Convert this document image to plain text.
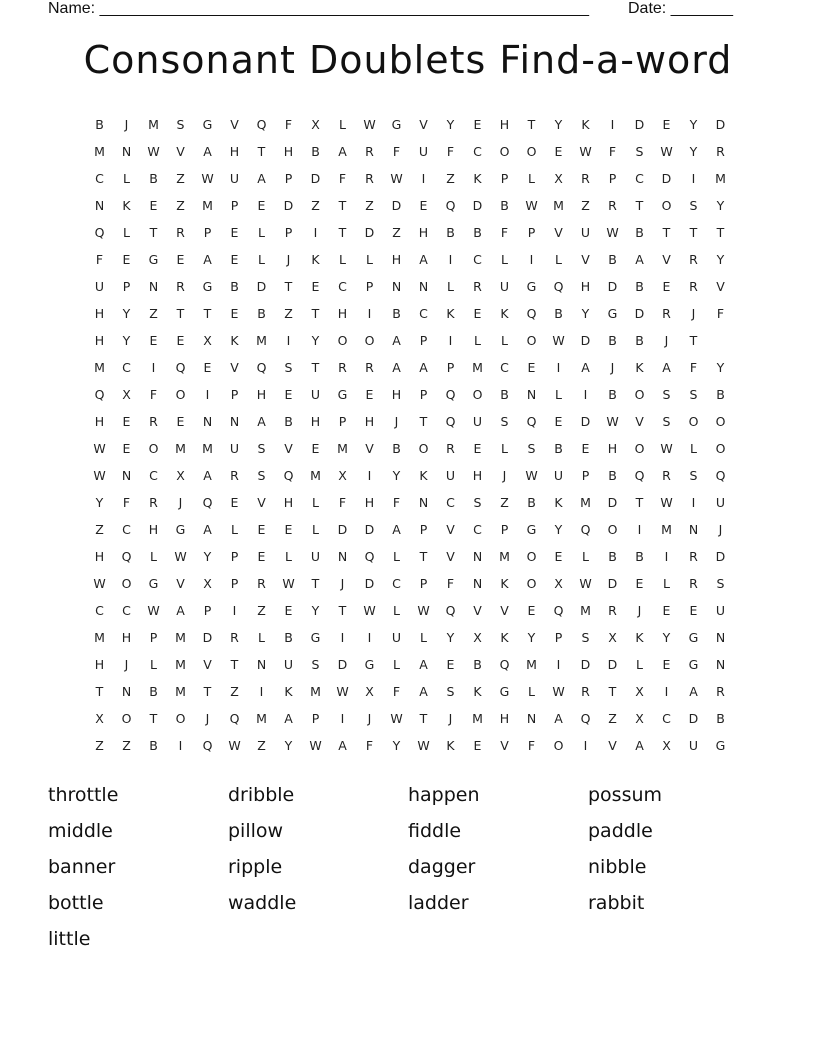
Name: _______________________________________________________ Date: _______
Consonant Doublets Find-a-word
B	J	M	S	G	V	Q	F	X	L	W	G	V	Y	E	H	T	Y	K	I	D	E	Y	D
M	N	W	V	A	H	T	H	B	A	R	F	U	F	C	O	O	E	W	F	S	W	Y	R
C	L	B	Z	W	U	A	P	D	F	R	W	I	Z	K	P	L	X	R	P	C	D	I	M
N	K	E	Z	M	P	E	D	Z	T	Z	D	E	Q	D	B	W	M	Z	R	T	O	S	Y
Q	L	T	R	P	E	L	P	I	T	D	Z	H	B	B	F	P	V	U	W	B	T	T	T
F	E	G	E	A	E	L	J	K	L	L	H	A	I	C	L	I	L	V	B	A	V	R	Y
U	P	N	R	G	B	D	T	E	C	P	N	N	L	R	U	G	Q	H	D	B	E	R	V
H	Y	Z	T	T	E	B	Z	T	H	I	B	C	K	E	K	Q	B	Y	G	D	R	J	F
H	Y	E	E	X	K	M	I	Y	O	O	A	P	I	L	L	O	W	D	B	B	J	T
M	C	I	Q	E	V	Q	S	T	R	R	A	A	P	M	C	E	I	A	J	K	A	F	Y
Q	X	F	O	I	P	H	E	U	G	E	H	P	Q	O	B	N	L	I	B	O	S	S	B
H	E	R	E	N	N	A	B	H	P	H	J	T	Q	U	S	Q	E	D	W	V	S	O	O
W	E	O	M	M	U	S	V	E	M	V	B	O	R	E	L	S	B	E	H	O	W	L	O
W	N	C	X	A	R	S	Q	M	X	I	Y	K	U	H	J	W	U	P	B	Q	R	S	Q
Y	F	R	J	Q	E	V	H	L	F	H	F	N	C	S	Z	B	K	M	D	T	W	I	U
Z	C	H	G	A	L	E	E	L	D	D	A	P	V	C	P	G	Y	Q	O	I	M	N	J
H	Q	L	W	Y	P	E	L	U	N	Q	L	T	V	N	M	O	E	L	B	B	I	R	D
W	O	G	V	X	P	R	W	T	J	D	C	P	F	N	K	O	X	W	D	E	L	R	S
C	C	W	A	P	I	Z	E	Y	T	W	L	W	Q	V	V	E	Q	M	R	J	E	E	U
M	H	P	M	D	R	L	B	G	I	I	U	L	Y	X	K	Y	P	S	X	K	Y	G	N
H	J	L	M	V	T	N	U	S	D	G	L	A	E	B	Q	M	I	D	D	L	E	G	N
T	N	B	M	T	Z	I	K	M	W	X	F	A	S	K	G	L	W	R	T	X	I	A	R
X	O	T	O	J	Q	M	A	P	I	J	W	T	J	M	H	N	A	Q	Z	X	C	D	B
Z	Z	B	I	Q	W	Z	Y	W	A	F	Y	W	K	E	V	F	O	I	V	A	X	U	G
throttle	dribble	happen	possum
middle	pillow	fiddle	paddle
banner	ripple	dagger	nibble
bottle	waddle	ladder	rabbit
little
